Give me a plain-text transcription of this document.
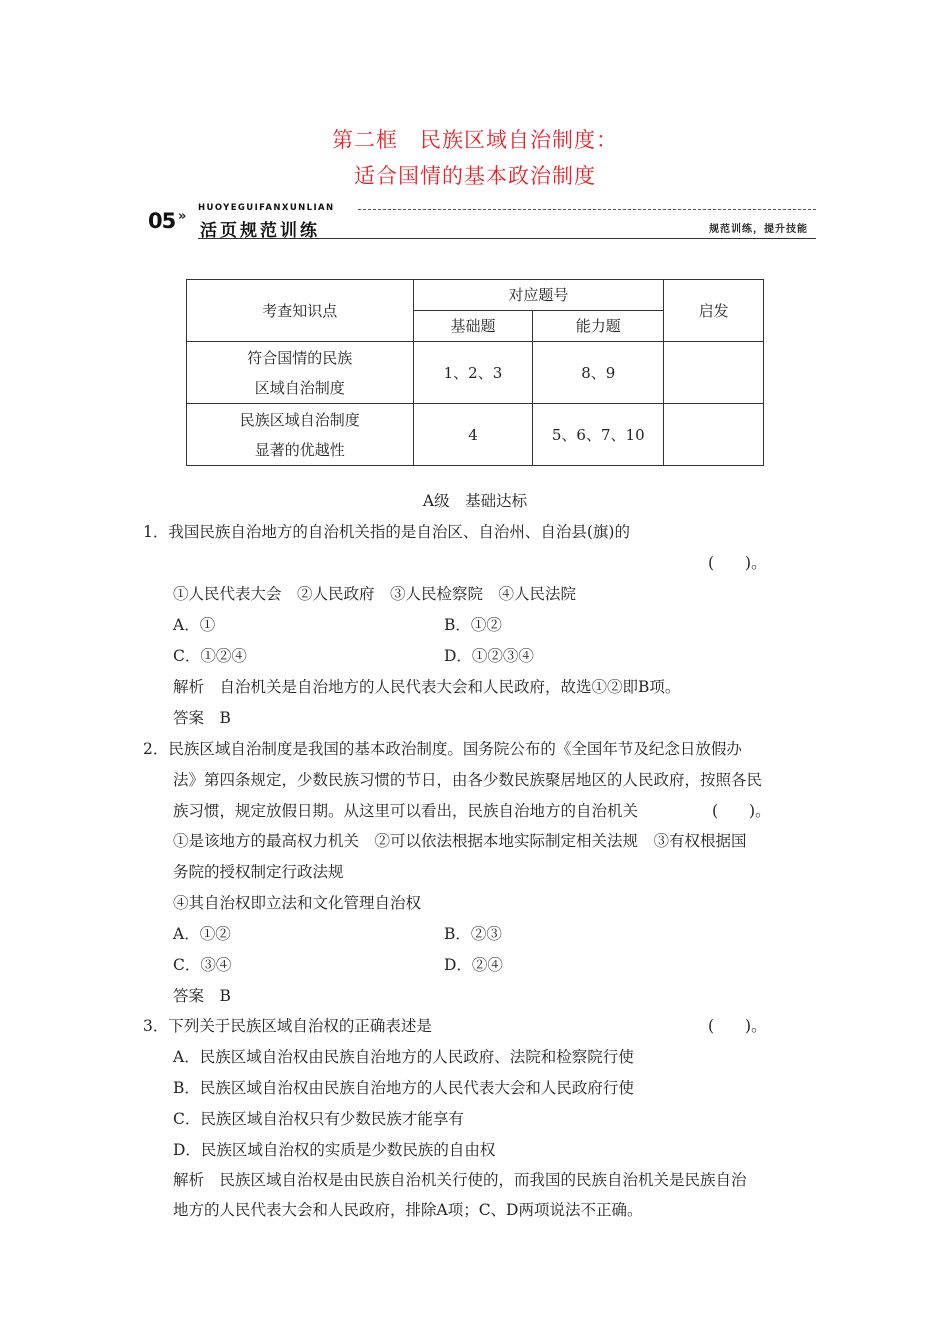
第二框　 民族区域自治制度：
适合国情的基本政治制度
05 »
HUOYEGUIFANXUNLIAN
活页规范训练	规范训练，提升技能
考查知识点	对应题号		启发
	基础题	能力题	

符合国情的民族
区域自治制度	1、2、3	8、9	

民族区域自治制度
显著的优越性	4	5、6、7、10	
A级　基础达标
1．我国民族自治地方的自治机关指的是自治区、自治州、自治县(旗)的
(　　)。
①人民代表大会　②人民政府　③人民检察院　④人民法院
A．①	B．①②
C．①②④	D．①②③④
解析　自治机关是自治地方的人民代表大会和人民政府，故选①②即B项。
答案　B
2．民族区域自治制度是我国的基本政治制度。国务院公布的《全国年节及纪念日放假办
法》第四条规定，少数民族习惯的节日，由各少数民族聚居地区的人民政府，按照各民
族习惯，规定放假日期。从这里可以看出，民族自治地方的自治机关	(　　)。
①是该地方的最高权力机关　②可以依法根据本地实际制定相关法规　③有权根据国
务院的授权制定行政法规
④其自治权即立法和文化管理自治权
A．①②	B．②③
C．③④	D．②④
答案　B
3．下列关于民族区域自治权的正确表述是	(　　)。
A．民族区域自治权由民族自治地方的人民政府、法院和检察院行使
B．民族区域自治权由民族自治地方的人民代表大会和人民政府行使
C．民族区域自治权只有少数民族才能享有
D．民族区域自治权的实质是少数民族的自由权
解析　民族区域自治权是由民族自治机关行使的，而我国的民族自治机关是民族自治
地方的人民代表大会和人民政府，排除A项；C、D两项说法不正确。
